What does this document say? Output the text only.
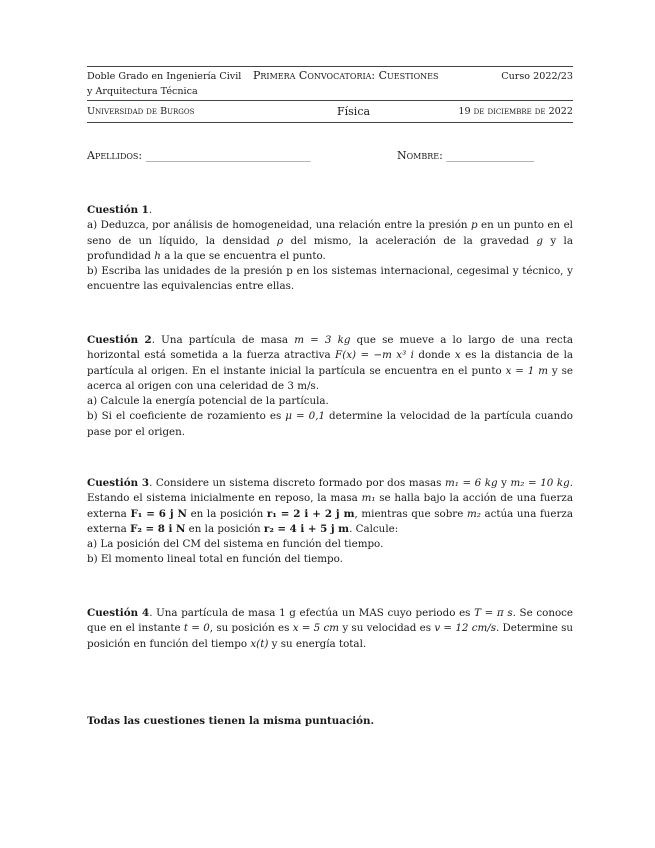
Doble Grado en Ingeniería Civil
y Arquitectura Técnica
Primera Convocatoria: Cuestiones	Curso 2022/23
Universidad de Burgos	Física	19 de diciembre de 2022
Apellidos: ______________________________	Nombre: ________________

Cuestión 1.

a) Deduzca, por análisis de homogeneidad, una relación entre la presión p en un punto en el seno de un líquido, la densidad ρ del mismo, la aceleración de la gravedad g y la profundidad h a la que se encuentra el punto.

b) Escriba las unidades de la presión p en los sistemas internacional, cegesimal y técnico, y encuentre las equivalencias entre ellas.

Cuestión 2. Una partícula de masa m = 3 kg que se mueve a lo largo de una recta horizontal está sometida a la fuerza atractiva F(x) = −m x³ i donde x es la distancia de la partícula al origen. En el instante inicial la partícula se encuentra en el punto x = 1 m y se acerca al origen con una celeridad de 3 m/s.

a) Calcule la energía potencial de la partícula.

b) Si el coeficiente de rozamiento es μ = 0,1 determine la velocidad de la partícula cuando pase por el origen.

Cuestión 3. Considere un sistema discreto formado por dos masas m₁ = 6 kg y m₂ = 10 kg. Estando el sistema inicialmente en reposo, la masa m₁ se halla bajo la acción de una fuerza externa F₁ = 6 j N en la posición r₁ = 2 i + 2 j m, mientras que sobre m₂ actúa una fuerza externa F₂ = 8 i N en la posición r₂ = 4 i + 5 j m. Calcule:

a) La posición del CM del sistema en función del tiempo.

b) El momento lineal total en función del tiempo.

Cuestión 4. Una partícula de masa 1 g efectúa un MAS cuyo periodo es T = π s. Se conoce que en el instante t = 0, su posición es x = 5 cm y su velocidad es v = 12 cm/s. Determine su posición en función del tiempo x(t) y su energía total.

Todas las cuestiones tienen la misma puntuación.
